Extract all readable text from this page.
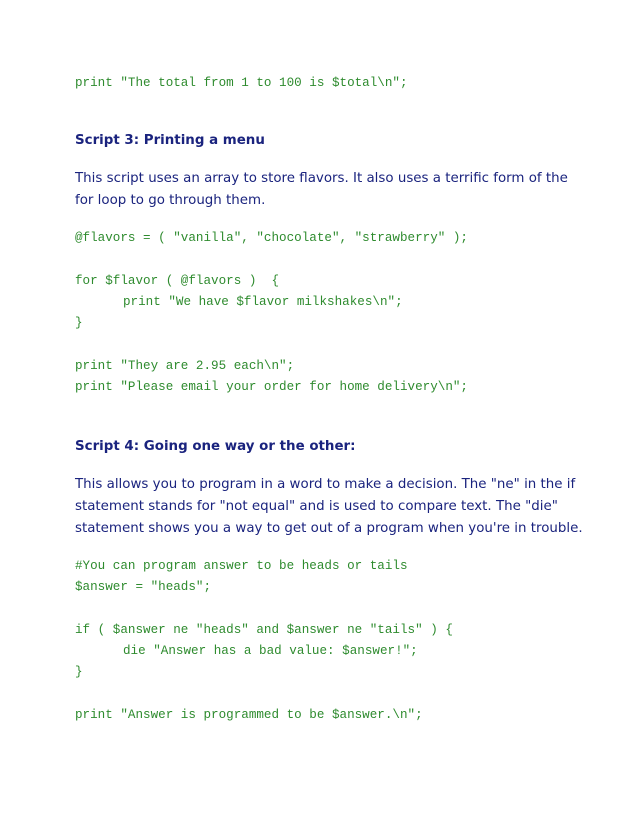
print "The total from 1 to 100 is $total\n";
Script 3: Printing a menu
This script uses an array to store flavors. It also uses a terrific form of the
for loop to go through them.
@flavors = ( "vanilla", "chocolate", "strawberry" );
for $flavor ( @flavors )  {
print "We have $flavor milkshakes\n";
}
print "They are 2.95 each\n";
print "Please email your order for home delivery\n";
Script 4: Going one way or the other:
This allows you to program in a word to make a decision. The "ne" in the if
statement stands for "not equal" and is used to compare text. The "die"
statement shows you a way to get out of a program when you're in trouble.
#You can program answer to be heads or tails
$answer = "heads";
if ( $answer ne "heads" and $answer ne "tails" ) {
die "Answer has a bad value: $answer!";
}
print "Answer is programmed to be $answer.\n";
